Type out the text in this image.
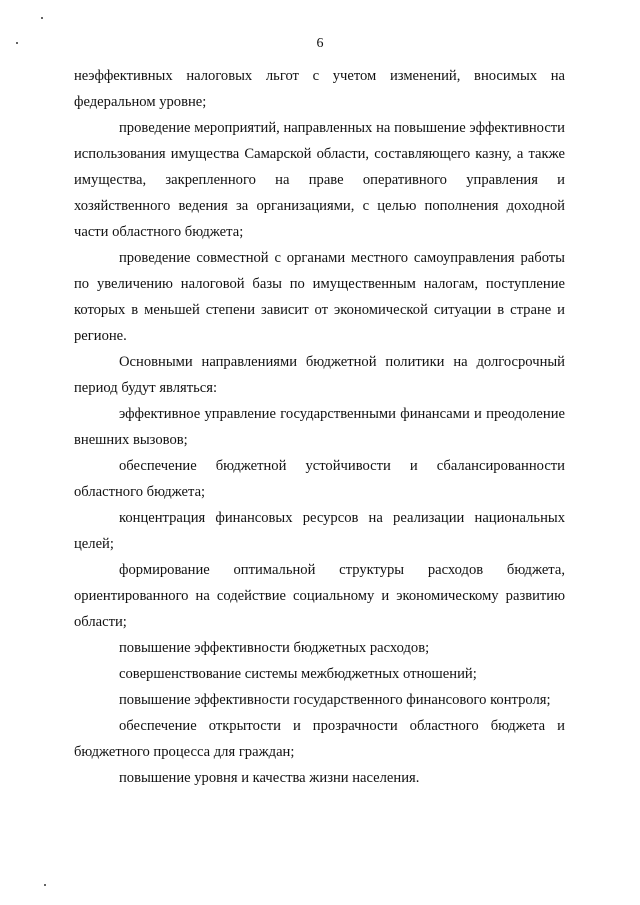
6

неэффективных налоговых льгот с учетом изменений, вносимых на федеральном уровне;

проведение мероприятий, направленных на повышение эффективности использования имущества Самарской области, составляющего казну, а также имущества, закрепленного на праве оперативного управления и хозяйственного ведения за организациями, с целью пополнения доходной части областного бюджета;

проведение совместной с органами местного самоуправления работы по увеличению налоговой базы по имущественным налогам, поступление которых в меньшей степени зависит от экономической ситуации в стране и регионе.

Основными направлениями бюджетной политики на долгосрочный период будут являться:

эффективное управление государственными финансами и преодоление внешних вызовов;

обеспечение бюджетной устойчивости и сбалансированности областного бюджета;

концентрация финансовых ресурсов на реализации национальных целей;

формирование оптимальной структуры расходов бюджета, ориентированного на содействие социальному и экономическому развитию области;

повышение эффективности бюджетных расходов;

совершенствование системы межбюджетных отношений;

повышение эффективности государственного финансового контроля;

обеспечение открытости и прозрачности областного бюджета и бюджетного процесса для граждан;

повышение уровня и качества жизни населения.
